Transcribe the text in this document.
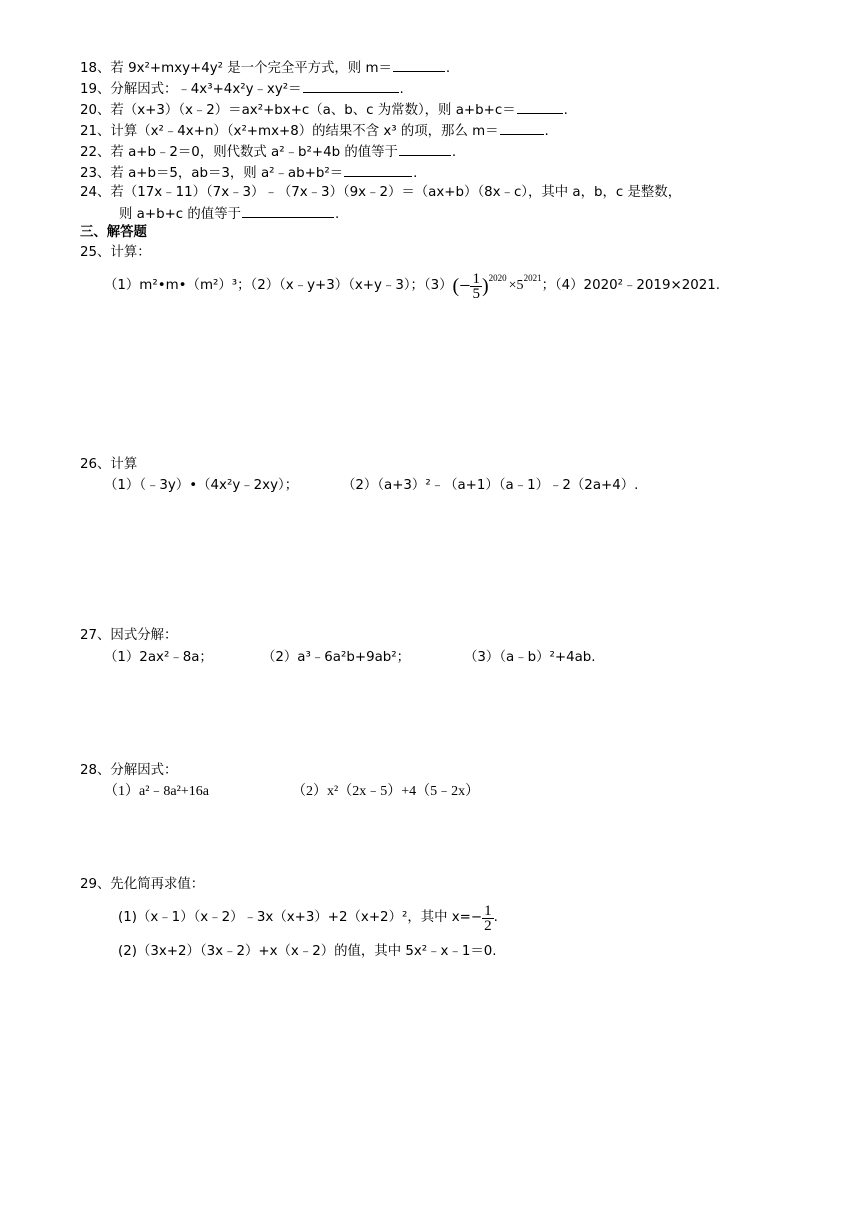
18、若 9x²+mxy+4y² 是一个完全平方式，则 m＝	.
19、分解因式：﹣4x³+4x²y﹣xy²＝	.
20、若（x+3）（x﹣2）＝ax²+bx+c（a、b、c 为常数），则 a+b+c＝	.
21、计算（x²﹣4x+n）（x²+mx+8）的结果不含 x³ 的项，那么 m＝	.
22、若 a+b﹣2＝0，则代数式 a²﹣b²+4b 的值等于	.
23、若 a+b＝5，ab＝3，则 a²﹣ab+b²＝	.
24、若（17x﹣11）（7x﹣3）﹣（7x﹣3）（9x﹣2）＝（ax+b）（8x﹣c），其中 a，b，c 是整数，
则 a+b+c 的值等于	.
三、解答题
25、计算：
（1）m²•m•（m²）³；（2）（x﹣y+3）（x+y﹣3）；（3） (− $\frac{1}{5}$ ) 2020 ×5 2021 ；（4）2020²﹣2019×2021.
26、计算
（1）（﹣3y）•（4x²y﹣2xy）；	（2）（a+3）²﹣（a+1）（a﹣1）﹣2（2a+4）.
27、因式分解：
（1）2ax²﹣8a；	（2）a³﹣6a²b+9ab²；	（3）（a﹣b）²+4ab.
28、分解因式：
（1）a²﹣8a²+16a	（2）x²（2x﹣5）+4（5﹣2x）
29、先化简再求值：
(1)（x﹣1）（x﹣2）﹣3x（x+3）+2（x+2）²，其中 $x=- \frac{1}{2}$ .
(2)（3x+2）（3x﹣2）+x（x﹣2）的值，其中 5x²﹣x﹣1＝0.
